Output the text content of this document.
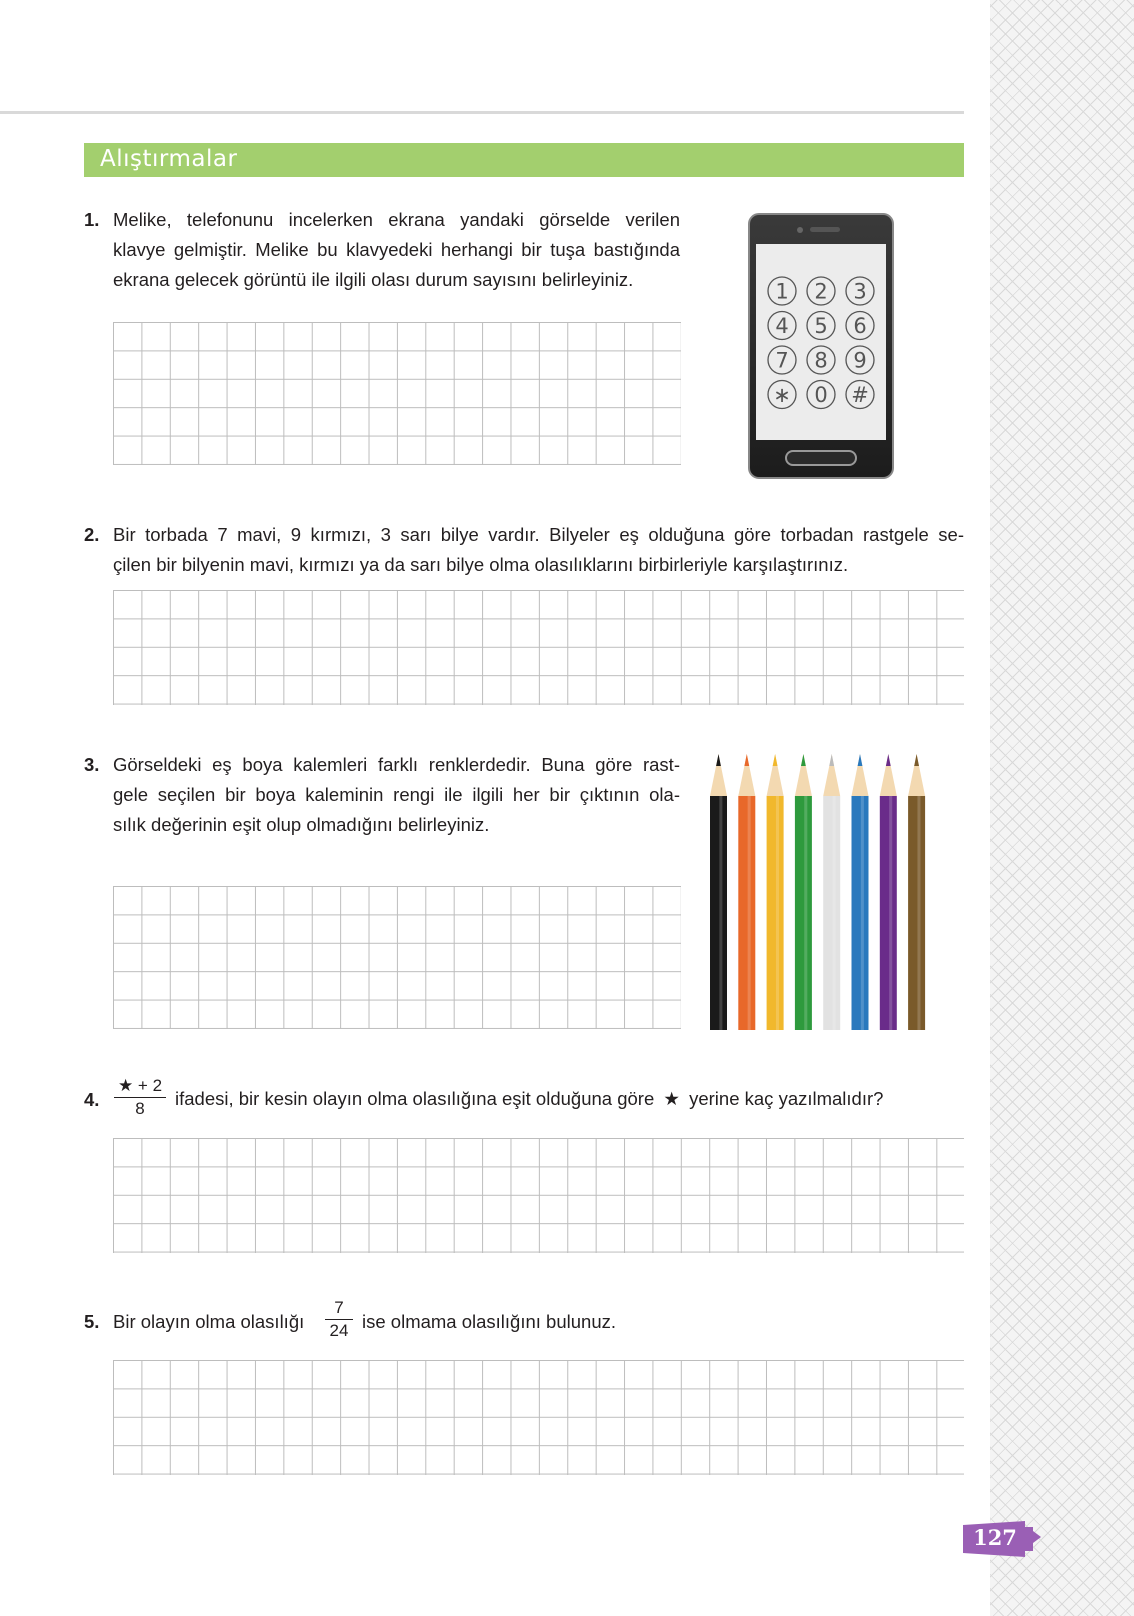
Alıştırmalar
1. Melike, telefonunu incelerken ekrana yandaki görselde verilen
klavye gelmiştir. Melike bu klavyedeki herhangi bir tuşa bastığında
ekrana gelecek görüntü ile ilgili olası durum sayısını belirleyiniz.	1 2 3
4 5 6
7 8 9
∗ 0 #
2. Bir torbada 7 mavi, 9 kırmızı, 3 sarı bilye vardır. Bilyeler eş olduğuna göre torbadan rastgele se-
çilen bir bilyenin mavi, kırmızı ya da sarı bilye olma olasılıklarını birbirleriyle karşılaştırınız.
3. Görseldeki eş boya kalemleri farklı renklerdedir. Buna göre rast-
gele seçilen bir boya kaleminin rengi ile ilgili her bir çıktının ola-
sılık değerinin eşit olup olmadığını belirleyiniz.
4.
★ + 2
8	ifadesi, bir kesin olayın olma olasılığına eşit olduğuna göre ★ yerine kaç yazılmalıdır?
5. Bir olayın olma olasılığı
7
24 ise olmama olasılığını bulunuz.
127
